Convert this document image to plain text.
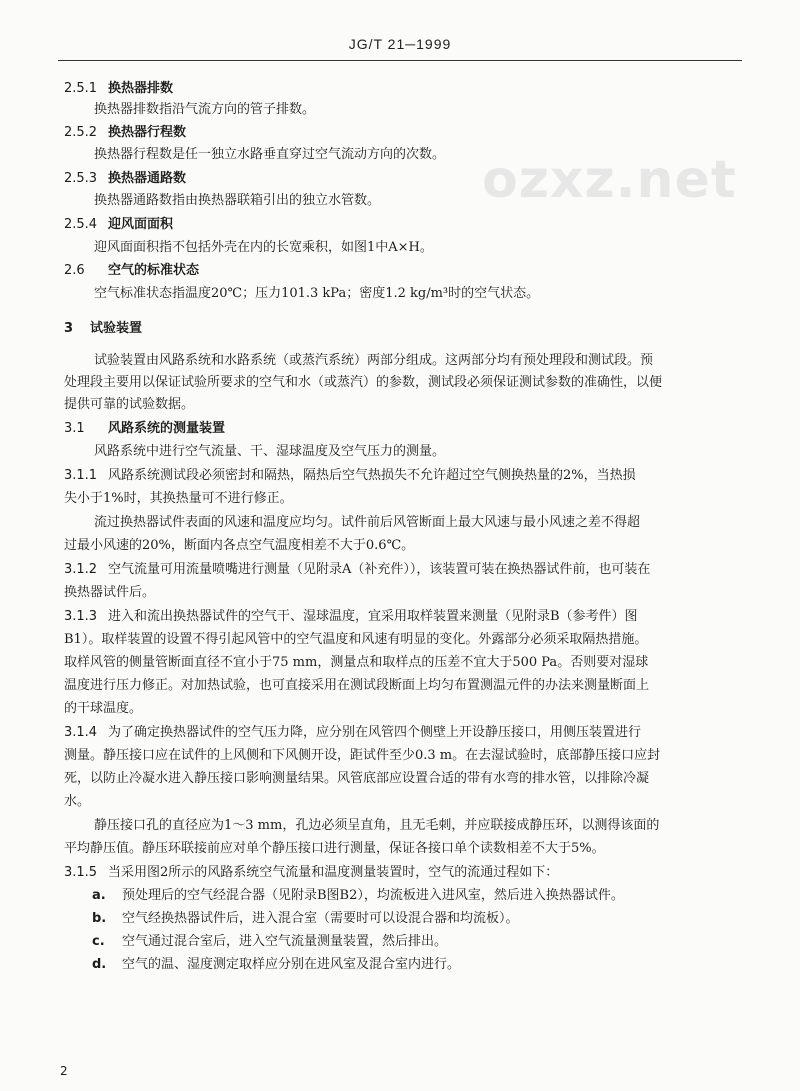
JG/T 21─1999
ozxz.net
2.5.1 换热器排数
换热器排数指沿气流方向的管子排数。
2.5.2 换热器行程数
换热器行程数是任一独立水路垂直穿过空气流动方向的次数。
2.5.3 换热器通路数
换热器通路数指由换热器联箱引出的独立水管数。
2.5.4 迎风面面积
迎风面面积指不包括外壳在内的长宽乘积，如图1中A×H。
2.6 空气的标准状态
空气标准状态指温度20℃；压力101.3 kPa；密度1.2 kg/m³时的空气状态。
3 试验装置
试验装置由风路系统和水路系统（或蒸汽系统）两部分组成。这两部分均有预处理段和测试段。预
处理段主要用以保证试验所要求的空气和水（或蒸汽）的参数，测试段必须保证测试参数的准确性，以便
提供可靠的试验数据。
3.1 风路系统的测量装置
风路系统中进行空气流量、干、湿球温度及空气压力的测量。
3.1.1 风路系统测试段必须密封和隔热，隔热后空气热损失不允许超过空气侧换热量的2%，当热损
失小于1%时，其换热量可不进行修正。
流过换热器试件表面的风速和温度应均匀。试件前后风管断面上最大风速与最小风速之差不得超
过最小风速的20%，断面内各点空气温度相差不大于0.6℃。
3.1.2 空气流量可用流量喷嘴进行测量（见附录A（补充件）），该装置可装在换热器试件前，也可装在
换热器试件后。
3.1.3 进入和流出换热器试件的空气干、湿球温度，宜采用取样装置来测量（见附录B（参考件）图
B1）。取样装置的设置不得引起风管中的空气温度和风速有明显的变化。外露部分必须采取隔热措施。
取样风管的侧量管断面直径不宜小于75 mm，测量点和取样点的压差不宜大于500 Pa。否则要对湿球
温度进行压力修正。对加热试验，也可直接采用在测试段断面上均匀布置测温元件的办法来测量断面上
的干球温度。
3.1.4 为了确定换热器试件的空气压力降，应分别在风管四个侧壁上开设静压接口，用侧压装置进行
测量。静压接口应在试件的上风侧和下风侧开设，距试件至少0.3 m。在去湿试验时，底部静压接口应封
死，以防止冷凝水进入静压接口影响测量结果。风管底部应设置合适的带有水弯的排水管，以排除冷凝
水。
静压接口孔的直径应为1～3 mm，孔边必须呈直角，且无毛刺，并应联接成静压环，以测得该面的
平均静压值。静压环联接前应对单个静压接口进行测量，保证各接口单个读数相差不大于5%。
3.1.5 当采用图2所示的风路系统空气流量和温度测量装置时，空气的流通过程如下：
a. 预处理后的空气经混合器（见附录B图B2），均流板进入进风室，然后进入换热器试件。
b. 空气经换热器试件后，进入混合室（需要时可以设混合器和均流板）。
c. 空气通过混合室后，进入空气流量测量装置，然后排出。
d. 空气的温、湿度测定取样应分别在进风室及混合室内进行。
2
